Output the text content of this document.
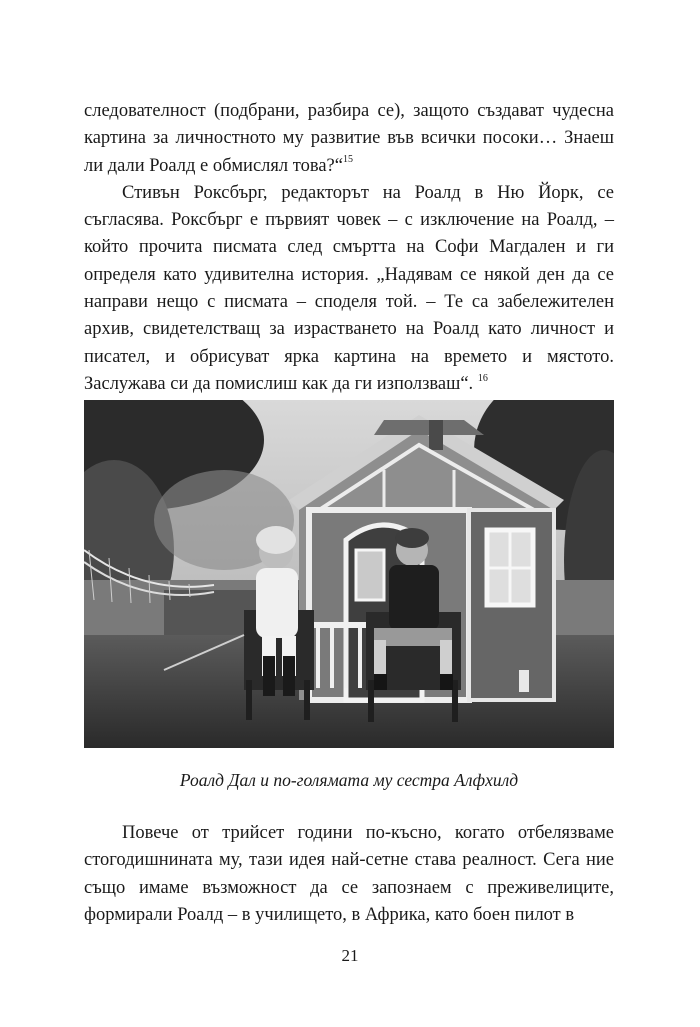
следователност (подбрани, разбира се), защото създават чудесна картина за личностното му развитие във всички посоки… Знаеш ли дали Роалд е обмислял това?“$^{15}$

Стивън Роксбърг, редакторът на Роалд в Ню Йорк, се съгласява. Роксбърг е първият човек – с изключение на Роалд, – който прочита писмата след смъртта на Софи Магдален и ги определя като удивителна история. „Надявам се някой ден да се направи нещо с писмата – споделя той. – Те са забележителен архив, свидетелстващ за израстването на Роалд като личност и писател, и обрисуват ярка картина на времето и мястото. Заслужава си да помислиш как да ги използваш“. $^{16}$

Роалд Дал и по-голямата му сестра Алфхилд

Повече от трийсет години по-късно, когато отбелязваме стогодишнината му, тази идея най-сетне става реалност. Сега ние също имаме възможност да се запознаем с преживелиците, формирали Роалд – в училището, в Африка, като боен пилот в

21
